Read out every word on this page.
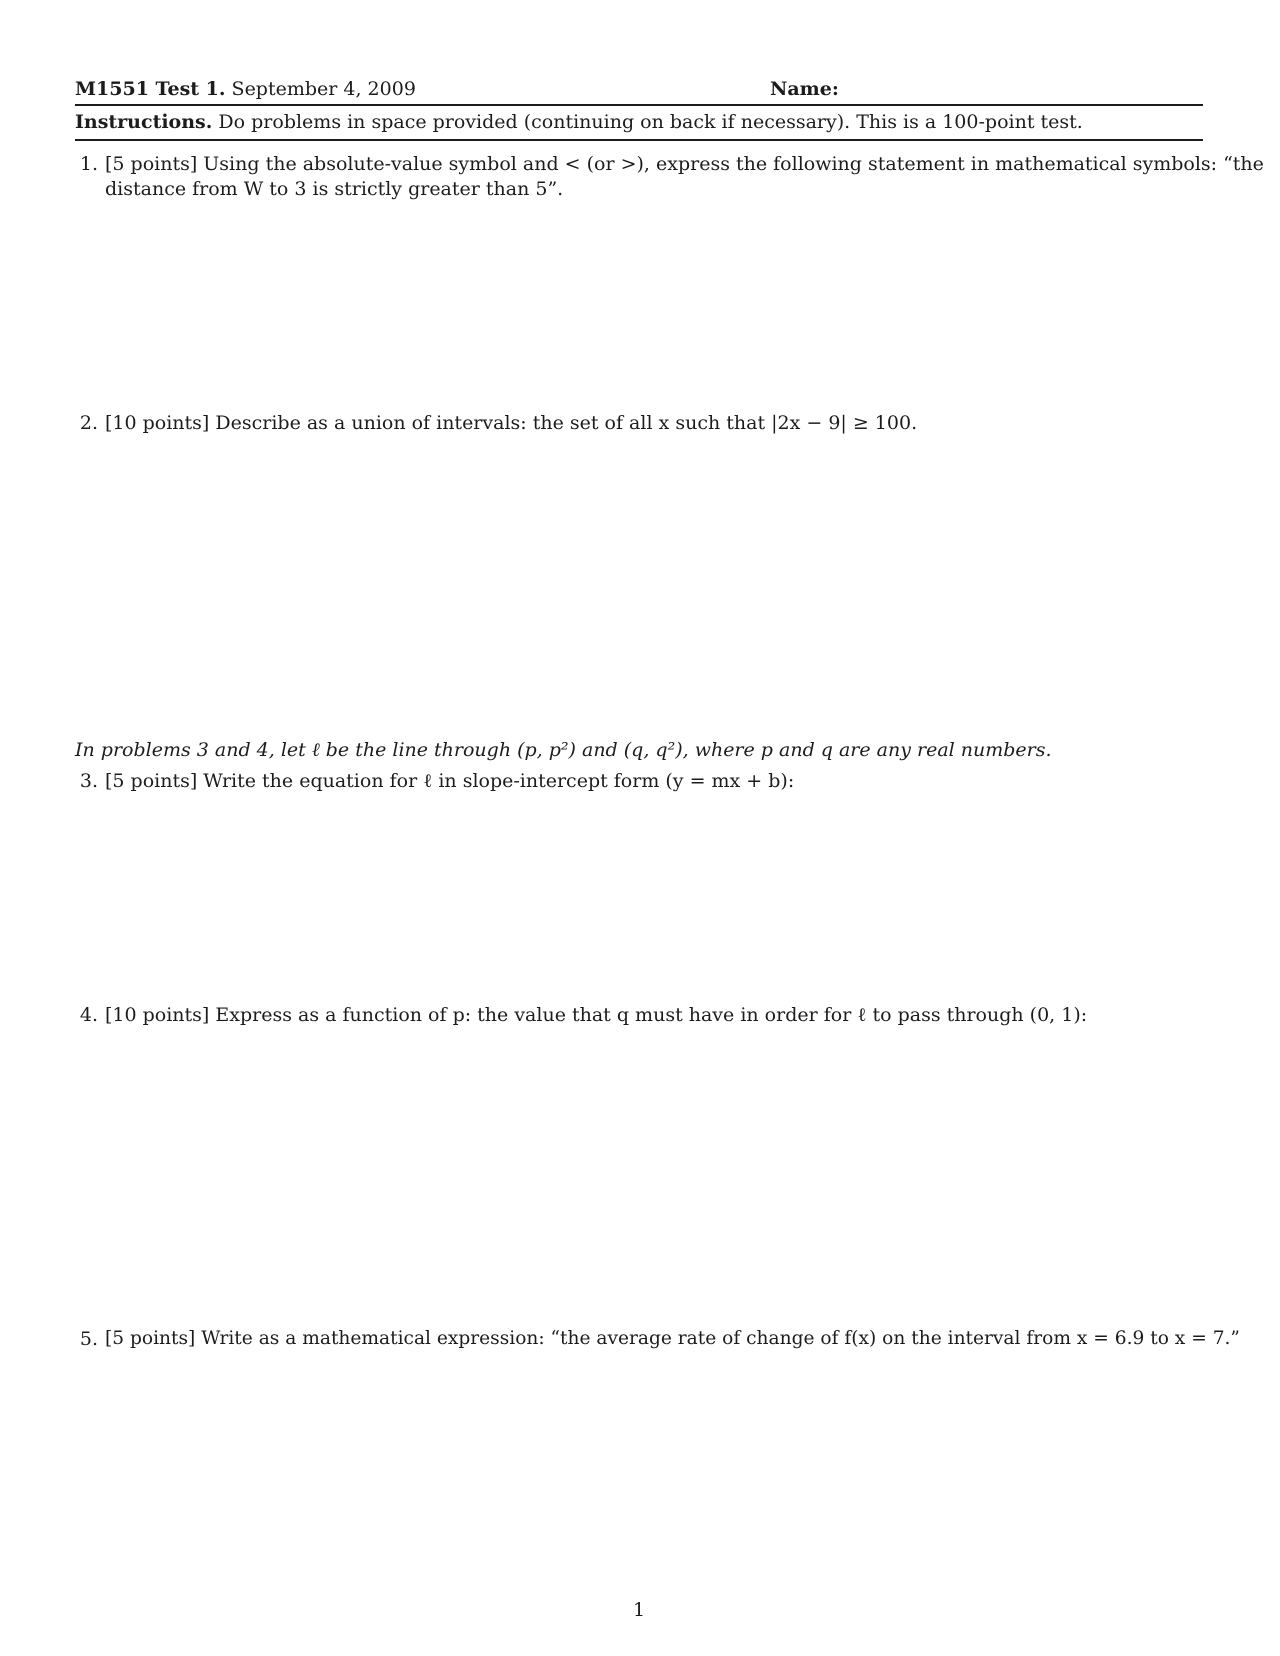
M1551 Test 1. September 4, 2009	Name:
Instructions. Do problems in space provided (continuing on back if necessary). This is a 100-point test.
1. [5 points] Using the absolute-value symbol and < (or >), express the following statement in mathematical symbols: “the
distance from W to 3 is strictly greater than 5”.
2. [10 points] Describe as a union of intervals: the set of all x such that |2x − 9| ≥ 100.
In problems 3 and 4, let ℓ be the line through (p, p²) and (q, q²), where p and q are any real numbers.
3. [5 points] Write the equation for ℓ in slope-intercept form (y = mx + b):
4. [10 points] Express as a function of p: the value that q must have in order for ℓ to pass through (0, 1):
5. [5 points] Write as a mathematical expression: “the average rate of change of f(x) on the interval from x = 6.9 to x = 7.”
1
